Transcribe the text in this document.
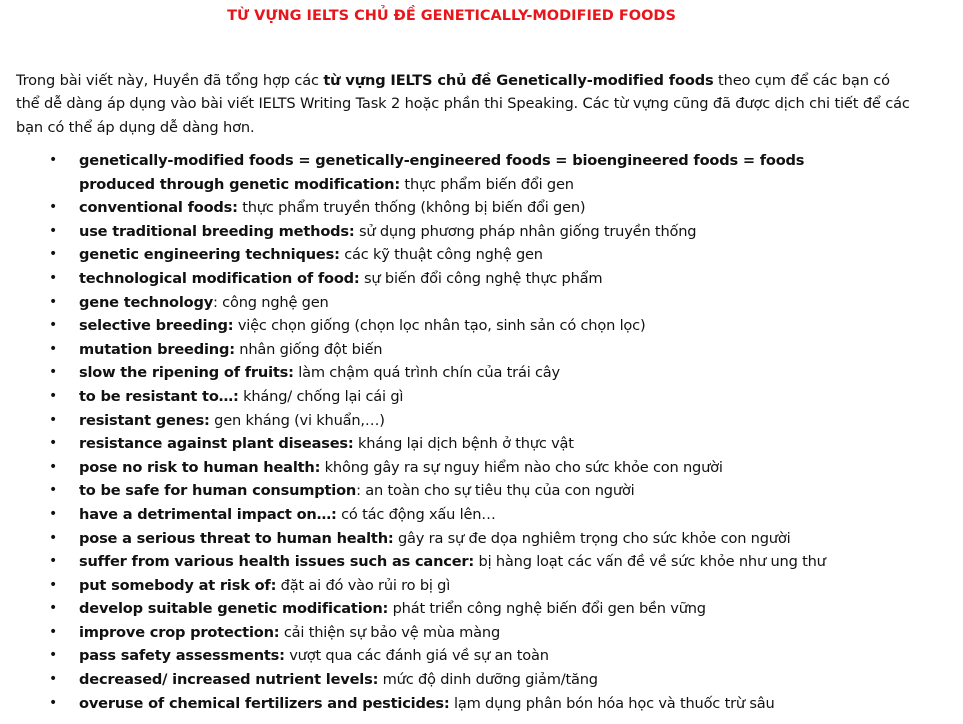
TỪ VỰNG IELTS CHỦ ĐỀ GENETICALLY-MODIFIED FOODS

Trong bài viết này, Huyền đã tổng hợp các từ vựng IELTS chủ đề Genetically-modified foods theo cụm để các bạn có thể dễ dàng áp dụng vào bài viết IELTS Writing Task 2 hoặc phần thi Speaking. Các từ vựng cũng đã được dịch chi tiết để các bạn có thể áp dụng dễ dàng hơn.

• genetically-modified foods = genetically-engineered foods = bioengineered foods = foods produced through genetic modification: thực phẩm biến đổi gen
• conventional foods: thực phẩm truyền thống (không bị biến đổi gen)
• use traditional breeding methods: sử dụng phương pháp nhân giống truyền thống
• genetic engineering techniques: các kỹ thuật công nghệ gen
• technological modification of food: sự biến đổi công nghệ thực phẩm
• gene technology: công nghệ gen
• selective breeding: việc chọn giống (chọn lọc nhân tạo, sinh sản có chọn lọc)
• mutation breeding: nhân giống đột biến
• slow the ripening of fruits: làm chậm quá trình chín của trái cây
• to be resistant to…: kháng/ chống lại cái gì
• resistant genes: gen kháng (vi khuẩn,…)
• resistance against plant diseases: kháng lại dịch bệnh ở thực vật
• pose no risk to human health: không gây ra sự nguy hiểm nào cho sức khỏe con người
• to be safe for human consumption: an toàn cho sự tiêu thụ của con người
• have a detrimental impact on…: có tác động xấu lên…
• pose a serious threat to human health: gây ra sự đe dọa nghiêm trọng cho sức khỏe con người
• suffer from various health issues such as cancer: bị hàng loạt các vấn đề về sức khỏe như ung thư
• put somebody at risk of: đặt ai đó vào rủi ro bị gì
• develop suitable genetic modification: phát triển công nghệ biến đổi gen bền vững
• improve crop protection: cải thiện sự bảo vệ mùa màng
• pass safety assessments: vượt qua các đánh giá về sự an toàn
• decreased/ increased nutrient levels: mức độ dinh dưỡng giảm/tăng
• overuse of chemical fertilizers and pesticides: lạm dụng phân bón hóa học và thuốc trừ sâu
